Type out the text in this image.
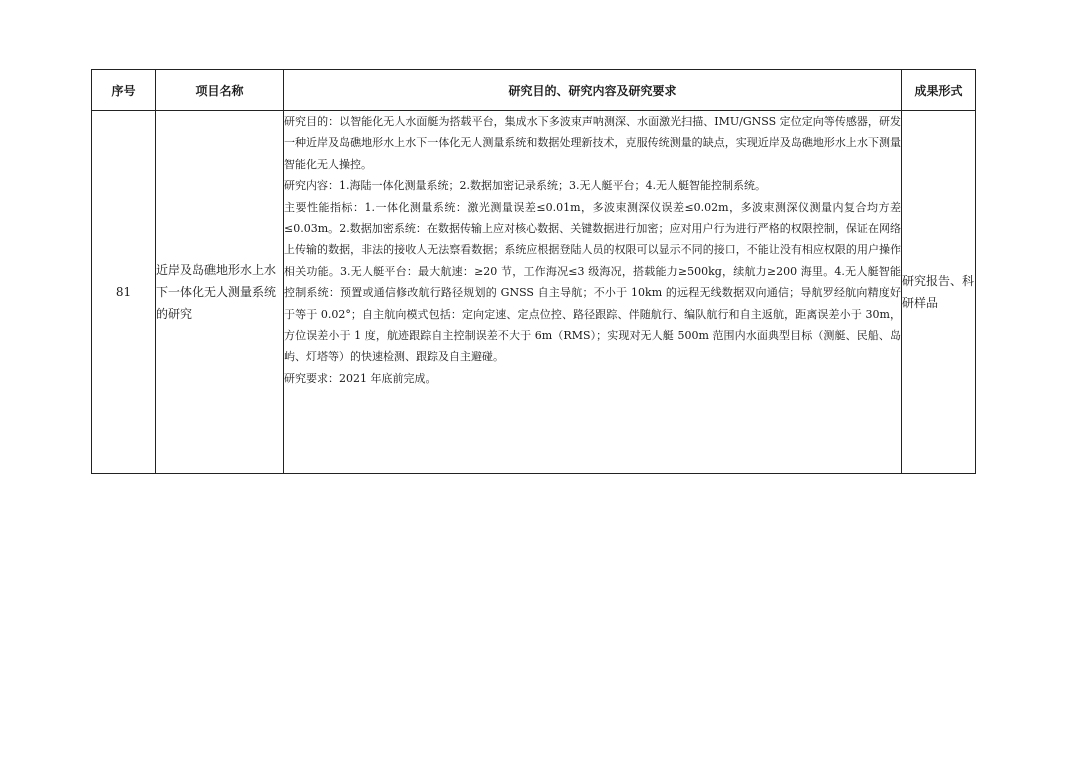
序号	项目名称	研究目的、研究内容及研究要求	成果形式
81	近岸及岛礁地形水上水下一体化无人测量系统的研究	研究目的：以智能化无人水面艇为搭载平台，集成水下多波束声呐测深、水面激光扫描、IMU/GNSS 定位定向等传感器，研发一种近岸及岛礁地形水上水下一体化无人测量系统和数据处理新技术，克服传统测量的缺点，实现近岸及岛礁地形水上水下测量智能化无人操控。

研究内容：1.海陆一体化测量系统；2.数据加密记录系统；3.无人艇平台；4.无人艇智能控制系统。

主要性能指标：1.一体化测量系统：激光测量误差≤0.01m，多波束测深仪误差≤0.02m，多波束测深仪测量内复合均方差≤0.03m。2.数据加密系统：在数据传输上应对核心数据、关键数据进行加密；应对用户行为进行严格的权限控制，保证在网络上传输的数据，非法的接收人无法察看数据；系统应根据登陆人员的权限可以显示不同的接口，不能让没有相应权限的用户操作相关功能。3.无人艇平台：最大航速：≥20 节，工作海况≤3 级海况，搭载能力≥500kg，续航力≥200 海里。4.无人艇智能控制系统：预置或通信修改航行路径规划的 GNSS 自主导航；不小于 10km 的远程无线数据双向通信；导航罗经航向精度好于等于 0.02°；自主航向模式包括：定向定速、定点位控、路径跟踪、伴随航行、编队航行和自主返航，距离误差小于 30m，方位误差小于 1 度，航迹跟踪自主控制误差不大于 6m（RMS）；实现对无人艇 500m 范围内水面典型目标（测艇、民船、岛屿、灯塔等）的快速检测、跟踪及自主避碰。

研究要求：2021 年底前完成。	研究报告、科研样品
